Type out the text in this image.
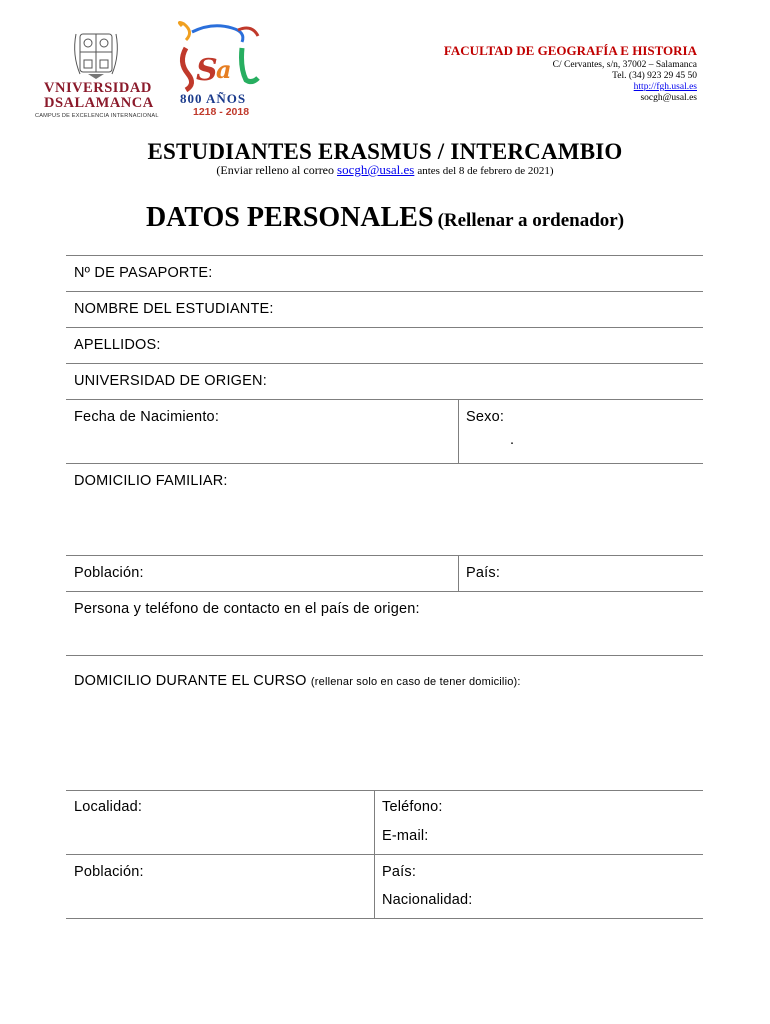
VNIVERSIDAD
DSALAMANCA
CAMPUS DE EXCELENCIA INTERNACIONAL
S
a
800 AÑOS
1218 - 2018
FACULTAD DE GEOGRAFÍA E HISTORIA
C/ Cervantes, s/n, 37002 – Salamanca
Tel. (34) 923 29 45 50
http://fgh.usal.es
socgh@usal.es
ESTUDIANTES ERASMUS / INTERCAMBIO
(Enviar relleno al correo socgh@usal.es antes del 8 de febrero de 2021)
DATOS PERSONALES (Rellenar a ordenador)
Nº DE PASAPORTE:
NOMBRE DEL ESTUDIANTE:
APELLIDOS:
UNIVERSIDAD DE ORIGEN:
Fecha de Nacimiento:	Sexo:
.
DOMICILIO FAMILIAR:
Población:	País:
Persona y teléfono de contacto en el país de origen:
DOMICILIO DURANTE EL CURSO (rellenar solo en caso de tener domicilio):
Localidad:	Teléfono:
E-mail:
Población:	País:
Nacionalidad:
